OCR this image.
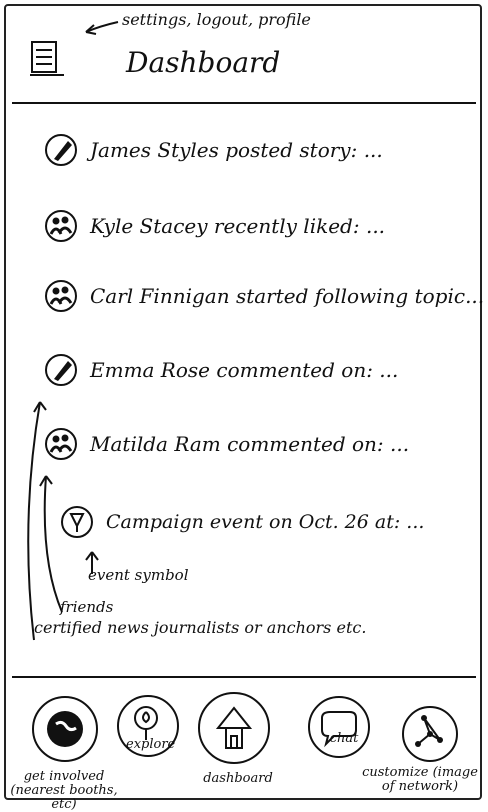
settings, logout, profile
Dashboard
James Styles posted story: ...
Kyle Stacey recently liked: ...
Carl Finnigan started following topic...
Emma Rose commented on: ...
Matilda Ram commented on: ...
Campaign event on Oct. 26 at: ...
event symbol
friends
certified news journalists or anchors etc.
explore	chat
get involved (nearest booths, etc)
dashboard	customize (image of network)
